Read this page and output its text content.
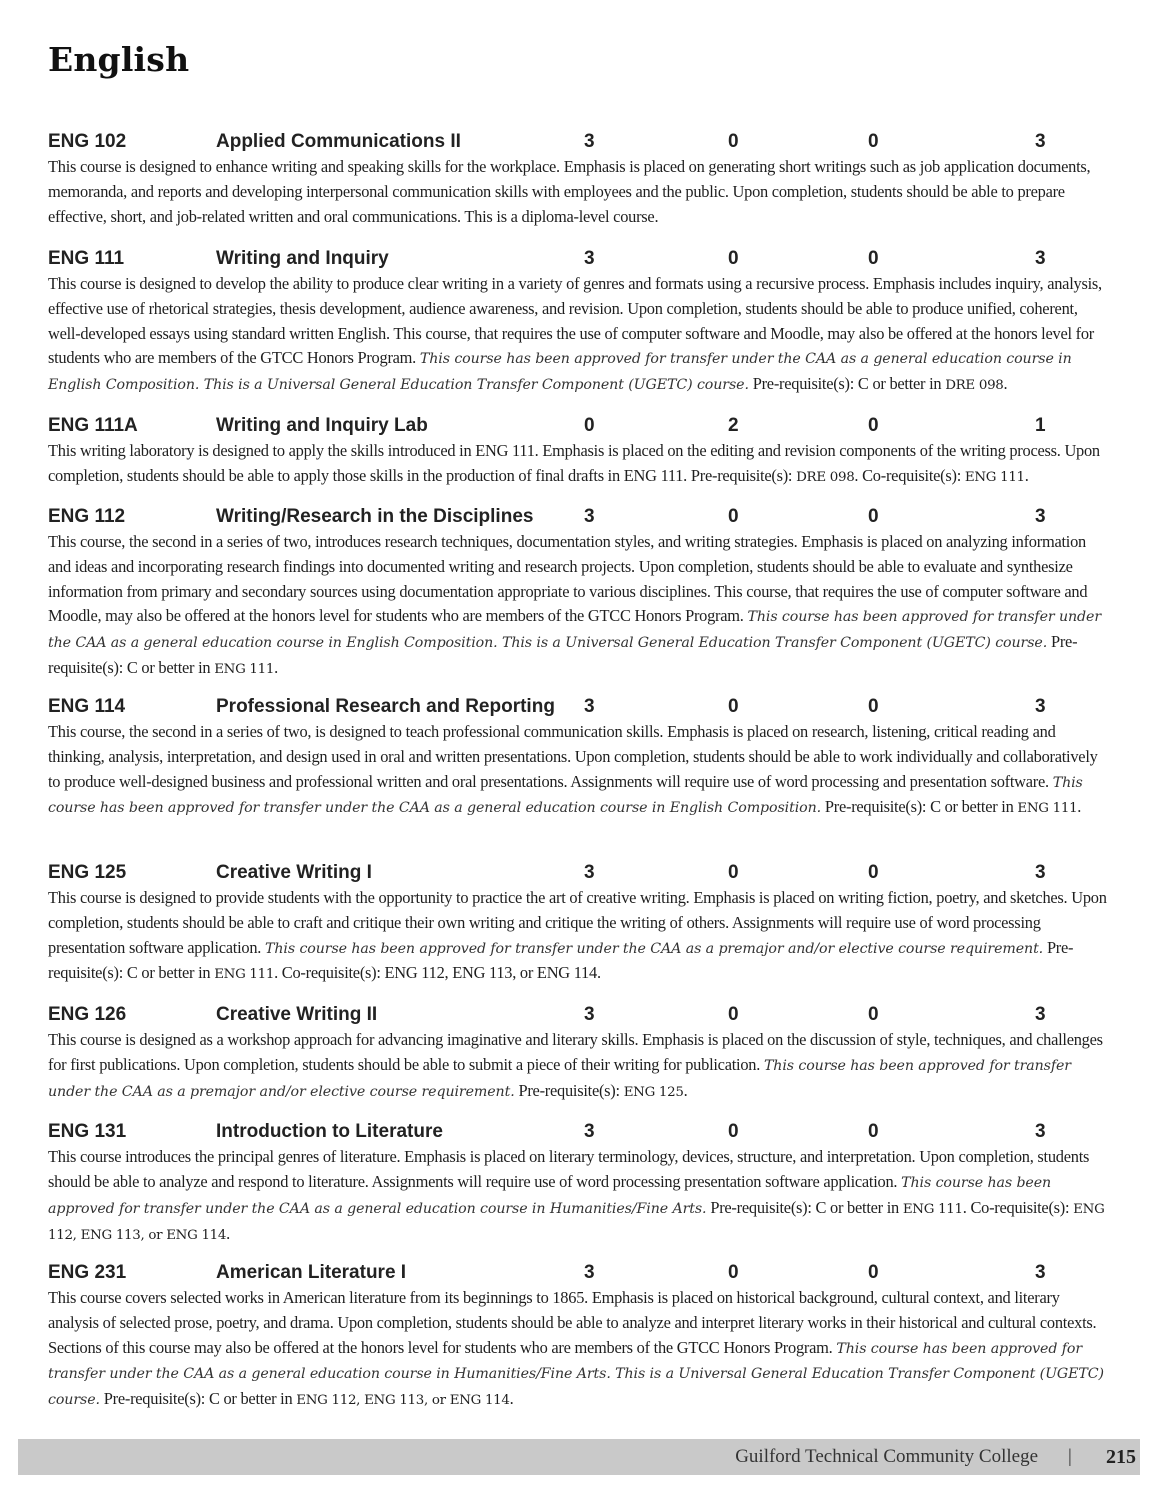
English
ENG 102	Applied Communications II	3	0	0	3

This course is designed to enhance writing and speaking skills for the workplace. Emphasis is placed on generating short writings such as job application documents, memoranda, and reports and developing interpersonal communication skills with employees and the public. Upon completion, students should be able to prepare effective, short, and job-related written and oral communications. This is a diploma-level course.

ENG 111	Writing and Inquiry	3	0	0	3

This course is designed to develop the ability to produce clear writing in a variety of genres and formats using a recursive process. Emphasis includes inquiry, analysis, effective use of rhetorical strategies, thesis development, audience awareness, and revision. Upon completion, students should be able to produce unified, coherent, well-developed essays using standard written English. This course, that requires the use of computer software and Moodle, may also be offered at the honors level for students who are members of the GTCC Honors Program. This course has been approved for transfer under the CAA as a general education course in English Composition. This is a Universal General Education Transfer Component (UGETC) course. Pre-requisite(s): C or better in DRE 098.

ENG 111A	Writing and Inquiry Lab	0	2	0	1

This writing laboratory is designed to apply the skills introduced in ENG 111. Emphasis is placed on the editing and revision components of the writing process. Upon completion, students should be able to apply those skills in the production of final drafts in ENG 111. Pre-requisite(s): DRE 098. Co-requisite(s): ENG 111.

ENG 112	Writing/Research in the Disciplines	3	0	0	3

This course, the second in a series of two, introduces research techniques, documentation styles, and writing strategies. Emphasis is placed on analyzing information and ideas and incorporating research findings into documented writing and research projects. Upon completion, students should be able to evaluate and synthesize information from primary and secondary sources using documentation appropriate to various disciplines. This course, that requires the use of computer software and Moodle, may also be offered at the honors level for students who are members of the GTCC Honors Program. This course has been approved for transfer under the CAA as a general education course in English Composition. This is a Universal General Education Transfer Component (UGETC) course. Pre-requisite(s): C or better in ENG 111.

ENG 114	Professional Research and Reporting 3	0	0	3

This course, the second in a series of two, is designed to teach professional communication skills. Emphasis is placed on research, listening, critical reading and thinking, analysis, interpretation, and design used in oral and written presentations. Upon completion, students should be able to work individually and collaboratively to produce well-designed business and professional written and oral presentations. Assignments will require use of word processing and presentation software. This course has been approved for transfer under the CAA as a general education course in English Composition. Pre-requisite(s): C or better in ENG 111.

ENG 125	Creative Writing I	3	0	0	3

This course is designed to provide students with the opportunity to practice the art of creative writing. Emphasis is placed on writing fiction, poetry, and sketches. Upon completion, students should be able to craft and critique their own writing and critique the writing of others. Assignments will require use of word processing presentation software application. This course has been approved for transfer under the CAA as a premajor and/or elective course requirement. Pre-requisite(s): C or better in ENG 111. Co-requisite(s): ENG 112, ENG 113, or ENG 114.

ENG 126	Creative Writing II	3	0	0	3

This course is designed as a workshop approach for advancing imaginative and literary skills. Emphasis is placed on the discussion of style, techniques, and challenges for first publications. Upon completion, students should be able to submit a piece of their writing for publication. This course has been approved for transfer under the CAA as a premajor and/or elective course requirement. Pre-requisite(s): ENG 125.

ENG 131	Introduction to Literature	3	0	0	3

This course introduces the principal genres of literature. Emphasis is placed on literary terminology, devices, structure, and interpretation. Upon completion, students should be able to analyze and respond to literature. Assignments will require use of word processing presentation software application. This course has been approved for transfer under the CAA as a general education course in Humanities/Fine Arts. Pre-requisite(s): C or better in ENG 111. Co-requisite(s): ENG 112, ENG 113, or ENG 114.

ENG 231	American Literature I	3	0	0	3

This course covers selected works in American literature from its beginnings to 1865. Emphasis is placed on historical background, cultural context, and literary analysis of selected prose, poetry, and drama. Upon completion, students should be able to analyze and interpret literary works in their historical and cultural contexts. Sections of this course may also be offered at the honors level for students who are members of the GTCC Honors Program. This course has been approved for transfer under the CAA as a general education course in Humanities/Fine Arts. This is a Universal General Education Transfer Component (UGETC) course. Pre-requisite(s): C or better in ENG 112, ENG 113, or ENG 114.

Guilford Technical Community College | 215
